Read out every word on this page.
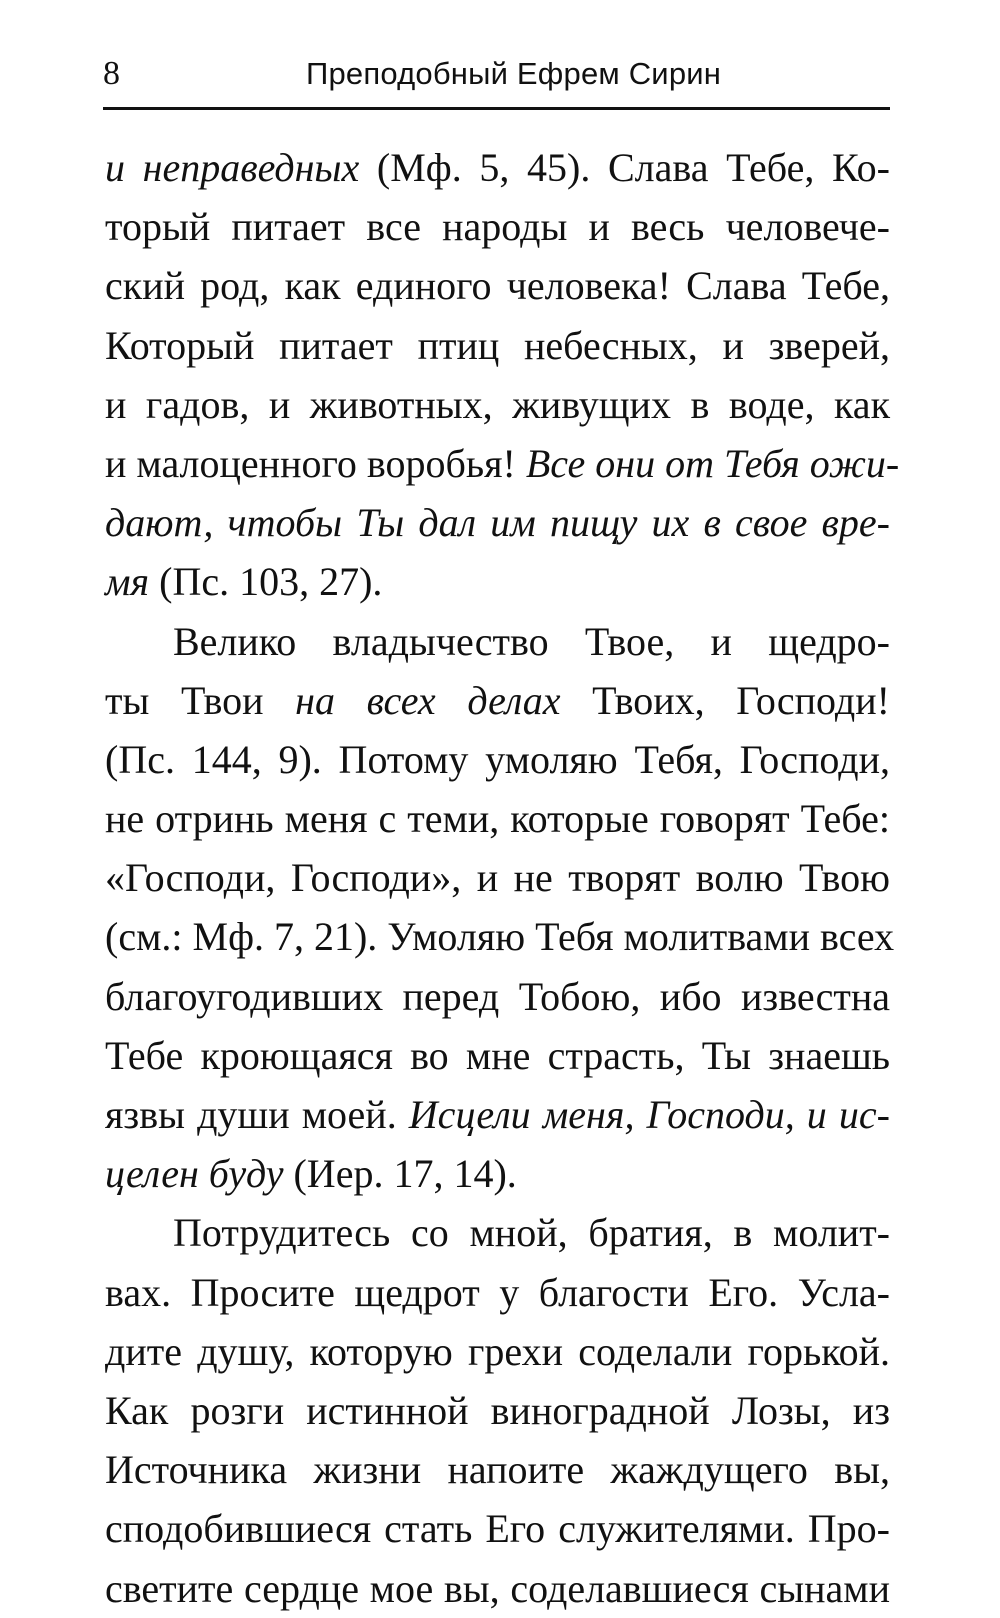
8	Преподобный Ефрем Сирин
и неправедных (Мф. 5, 45). Слава Тебе, Ко-
торый питает все народы и весь человече-
ский род, как единого человека! Слава Тебе,
Который питает птиц небесных, и зверей,
и гадов, и животных, живущих в воде, как
и малоценного воробья! Все они от Тебя ожи-
дают, чтобы Ты дал им пищу их в свое вре-
мя (Пс. 103, 27).
Велико владычество Твое, и щедро-
ты Твои на всех делах Твоих, Господи!
(Пс. 144, 9). Потому умоляю Тебя, Господи,
не отринь меня с теми, которые говорят Тебе:
«Господи, Господи», и не творят волю Твою
(см.: Мф. 7, 21). Умоляю Тебя молитвами всех
благоугодивших перед Тобою, ибо известна
Тебе кроющаяся во мне страсть, Ты знаешь
язвы души моей. Исцели меня, Господи, и ис-
целен буду (Иер. 17, 14).
Потрудитесь со мной, братия, в молит-
вах. Просите щедрот у благости Его. Усла-
дите душу, которую грехи соделали горькой.
Как розги истинной виноградной Лозы, из
Источника жизни напоите жаждущего вы,
сподобившиеся стать Его служителями. Про-
светите сердце мое вы, соделавшиеся сынами
